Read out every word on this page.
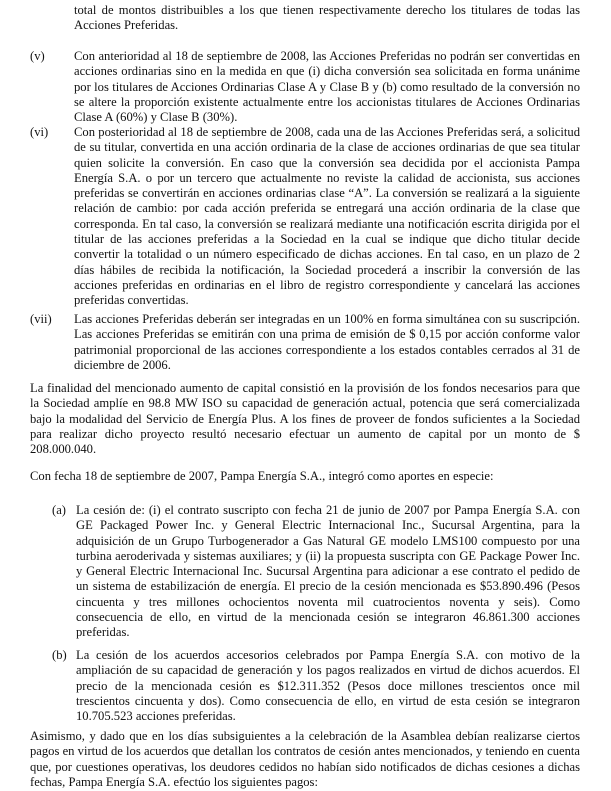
total de montos distribuibles a los que tienen respectivamente derecho los titulares de todas las Acciones Preferidas.

(v)	Con anterioridad al 18 de septiembre de 2008, las Acciones Preferidas no podrán ser convertidas en acciones ordinarias sino en la medida en que (i) dicha conversión sea solicitada en forma unánime por los titulares de Acciones Ordinarias Clase A y Clase B y (b) como resultado de la conversión no se altere la proporción existente actualmente entre los accionistas titulares de Acciones Ordinarias Clase A (60%) y Clase B (30%).

(vi)	Con posterioridad al 18 de septiembre de 2008, cada una de las Acciones Preferidas será, a solicitud de su titular, convertida en una acción ordinaria de la clase de acciones ordinarias de que sea titular quien solicite la conversión. En caso que la conversión sea decidida por el accionista Pampa Energía S.A. o por un tercero que actualmente no reviste la calidad de accionista, sus acciones preferidas se convertirán en acciones ordinarias clase “A”. La conversión se realizará a la siguiente relación de cambio: por cada acción preferida se entregará una acción ordinaria de la clase que corresponda. En tal caso, la conversión se realizará mediante una notificación escrita dirigida por el titular de las acciones preferidas a la Sociedad en la cual se indique que dicho titular decide convertir la totalidad o un número especificado de dichas acciones. En tal caso, en un plazo de 2 días hábiles de recibida la notificación, la Sociedad procederá a inscribir la conversión de las acciones preferidas en ordinarias en el libro de registro correspondiente y cancelará las acciones preferidas convertidas.

(vii)	Las acciones Preferidas deberán ser integradas en un 100% en forma simultánea con su suscripción. Las acciones Preferidas se emitirán con una prima de emisión de $ 0,15 por acción conforme valor patrimonial proporcional de las acciones correspondiente a los estados contables cerrados al 31 de diciembre de 2006.

La finalidad del mencionado aumento de capital consistió en la provisión de los fondos necesarios para que la Sociedad amplíe en 98.8 MW ISO su capacidad de generación actual, potencia que será comercializada bajo la modalidad del Servicio de Energía Plus. A los fines de proveer de fondos suficientes a la Sociedad para realizar dicho proyecto resultó necesario efectuar un aumento de capital por un monto de $ 208.000.040.

Con fecha 18 de septiembre de 2007, Pampa Energía S.A., integró como aportes en especie:

(a) La cesión de: (i) el contrato suscripto con fecha 21 de junio de 2007 por Pampa Energía S.A. con GE Packaged Power Inc. y General Electric Internacional Inc., Sucursal Argentina, para la adquisición de un Grupo Turbogenerador a Gas Natural GE modelo LMS100 compuesto por una turbina aeroderivada y sistemas auxiliares; y (ii) la propuesta suscripta con GE Package Power Inc. y General Electric Internacional Inc. Sucursal Argentina para adicionar a ese contrato el pedido de un sistema de estabilización de energía. El precio de la cesión mencionada es $53.890.496 (Pesos cincuenta y tres millones ochocientos noventa mil cuatrocientos noventa y seis). Como consecuencia de ello, en virtud de la mencionada cesión se integraron 46.861.300 acciones preferidas.

(b) La cesión de los acuerdos accesorios celebrados por Pampa Energía S.A. con motivo de la ampliación de su capacidad de generación y los pagos realizados en virtud de dichos acuerdos. El precio de la mencionada cesión es $12.311.352 (Pesos doce millones trescientos once mil trescientos cincuenta y dos). Como consecuencia de ello, en virtud de esta cesión se integraron 10.705.523 acciones preferidas.

Asimismo, y dado que en los días subsiguientes a la celebración de la Asamblea debían realizarse ciertos pagos en virtud de los acuerdos que detallan los contratos de cesión antes mencionados, y teniendo en cuenta que, por cuestiones operativas, los deudores cedidos no habían sido notificados de dichas cesiones a dichas fechas, Pampa Energía S.A. efectúo los siguientes pagos:
